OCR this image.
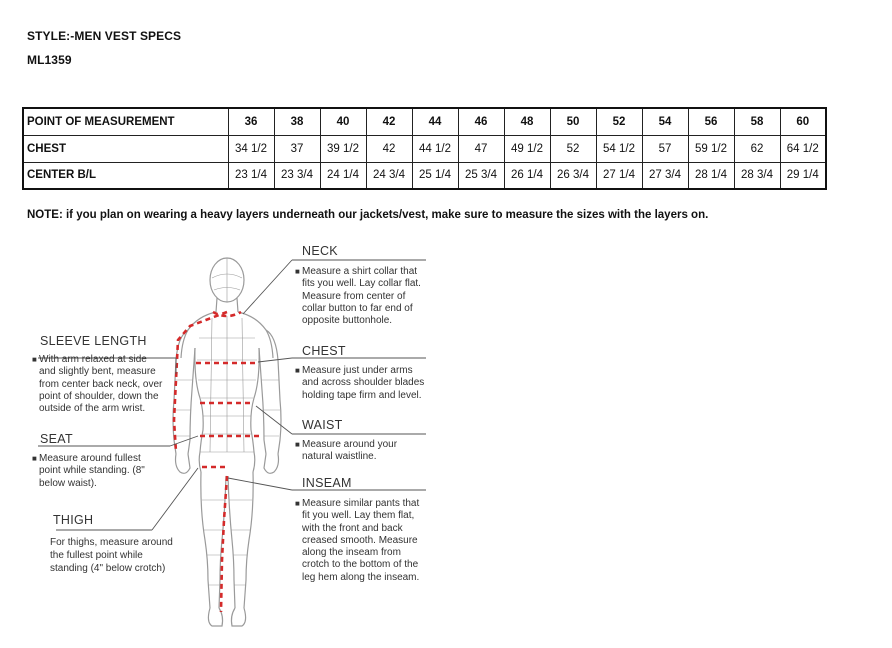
STYLE:-MEN VEST SPECS
ML1359
POINT OF MEASUREMENT	36	38	40	42	44	46	48	50	52	54	56	58	60
CHEST	34 1/2	37	39 1/2	42	44 1/2	47	49 1/2	52	54 1/2	57	59 1/2	62	64 1/2
CENTER B/L	23 1/4	23 3/4	24 1/4	24 3/4	25 1/4	25 3/4	26 1/4	26 3/4	27 1/4	27 3/4	28 1/4	28 3/4	29 1/4
NOTE: if you plan on wearing a heavy layers underneath our jackets/vest, make sure to measure the sizes with the layers on.
NECK
■ Measure a shirt collar that fits you well. Lay collar flat. Measure from center of collar button to far end of opposite buttonhole.
CHEST
■ Measure just under arms and across shoulder blades holding tape firm and level.
WAIST
■ Measure around your natural waistline.
INSEAM
■ Measure similar pants that fit you well. Lay them flat, with the front and back creased smooth. Measure along the inseam from crotch to the bottom of the leg hem along the inseam.
SLEEVE LENGTH
■ With arm relaxed at side and slightly bent, measure from center back neck, over point of shoulder, down the outside of the arm wrist.
SEAT
■ Measure around fullest point while standing. (8" below waist).
THIGH
For thighs, measure around the fullest point while standing (4" below crotch)
